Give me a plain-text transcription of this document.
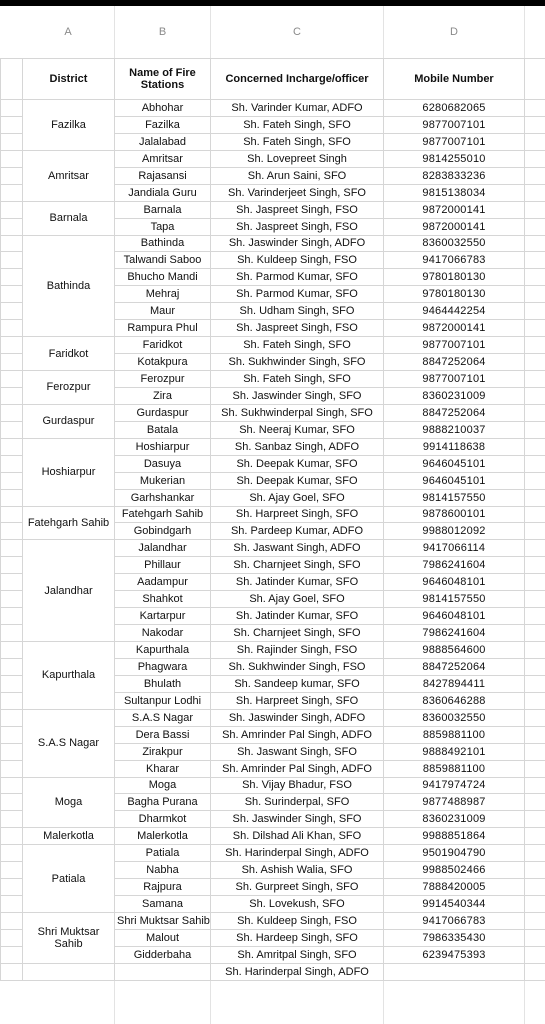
A	B	C	D
	District	Name of Fire Stations	Concerned Incharge/officer	Mobile Number	
	Fazilka	Abhohar	Sh. Varinder Kumar, ADFO	6280682065	
		Fazilka	Sh. Fateh Singh, SFO	9877007101	
		Jalalabad	Sh. Fateh Singh, SFO	9877007101	
	Amritsar	Amritsar	Sh. Lovepreet Singh	9814255010	
		Rajasansi	Sh. Arun Saini, SFO	8283833236	
		Jandiala Guru	Sh. Varinderjeet Singh, SFO	9815138034	
	Barnala	Barnala	Sh. Jaspreet Singh, FSO	9872000141	
		Tapa	Sh. Jaspreet Singh, FSO	9872000141	
	Bathinda	Bathinda	Sh. Jaswinder Singh, ADFO	8360032550	
		Talwandi Saboo	Sh. Kuldeep Singh, FSO	9417066783	
		Bhucho Mandi	Sh. Parmod Kumar, SFO	9780180130	
		Mehraj	Sh. Parmod Kumar, SFO	9780180130	
		Maur	Sh. Udham Singh, SFO	9464442254	
		Rampura Phul	Sh. Jaspreet Singh, FSO	9872000141	
	Faridkot	Faridkot	Sh. Fateh Singh, SFO	9877007101	
		Kotakpura	Sh. Sukhwinder Singh, SFO	8847252064	
	Ferozpur	Ferozpur	Sh. Fateh Singh, SFO	9877007101	
		Zira	Sh. Jaswinder Singh, SFO	8360231009	
	Gurdaspur	Gurdaspur	Sh. Sukhwinderpal Singh, SFO	8847252064	
		Batala	Sh. Neeraj Kumar, SFO	9888210037	
	Hoshiarpur	Hoshiarpur	Sh. Sanbaz Singh, ADFO	9914118638	
		Dasuya	Sh. Deepak Kumar, SFO	9646045101	
		Mukerian	Sh. Deepak Kumar, SFO	9646045101	
		Garhshankar	Sh. Ajay Goel, SFO	9814157550	
	Fatehgarh Sahib	Fatehgarh Sahib	Sh. Harpreet Singh, SFO	9878600101	
		Gobindgarh	Sh. Pardeep Kumar, ADFO	9988012092	
	Jalandhar	Jalandhar	Sh. Jaswant Singh, ADFO	9417066114	
		Phillaur	Sh. Charnjeet Singh, SFO	7986241604	
		Aadampur	Sh. Jatinder Kumar, SFO	9646048101	
		Shahkot	Sh. Ajay Goel, SFO	9814157550	
		Kartarpur	Sh. Jatinder Kumar, SFO	9646048101	
		Nakodar	Sh. Charnjeet Singh, SFO	7986241604	
	Kapurthala	Kapurthala	Sh. Rajinder Singh, FSO	9888564600	
		Phagwara	Sh. Sukhwinder Singh, FSO	8847252064	
		Bhulath	Sh. Sandeep kumar, SFO	8427894411	
		Sultanpur Lodhi	Sh. Harpreet Singh, SFO	8360646288	
	S.A.S Nagar	S.A.S Nagar	Sh. Jaswinder Singh, ADFO	8360032550	
		Dera Bassi	Sh. Amrinder Pal Singh, ADFO	8859881100	
		Zirakpur	Sh. Jaswant Singh, SFO	9888492101	
		Kharar	Sh. Amrinder Pal Singh, ADFO	8859881100	
	Moga	Moga	Sh. Vijay Bhadur, FSO	9417974724	
		Bagha Purana	Sh. Surinderpal, SFO	9877488987	
		Dharmkot	Sh. Jaswinder Singh, SFO	8360231009	
	Malerkotla	Malerkotla	Sh. Dilshad Ali Khan, SFO	9988851864	
	Patiala	Patiala	Sh. Harinderpal Singh, ADFO	9501904790	
		Nabha	Sh. Ashish Walia, SFO	9988502466	
		Rajpura	Sh. Gurpreet Singh, SFO	7888420005	
		Samana	Sh. Lovekush, SFO	9914540344	
	Shri Muktsar Sahib	Shri Muktsar Sahib	Sh. Kuldeep Singh, FSO	9417066783	
		Malout	Sh. Hardeep Singh, SFO	7986335430	
		Gidderbaha	Sh. Amritpal Singh, SFO	6239475393	
			Sh. Harinderpal Singh, ADFO		
